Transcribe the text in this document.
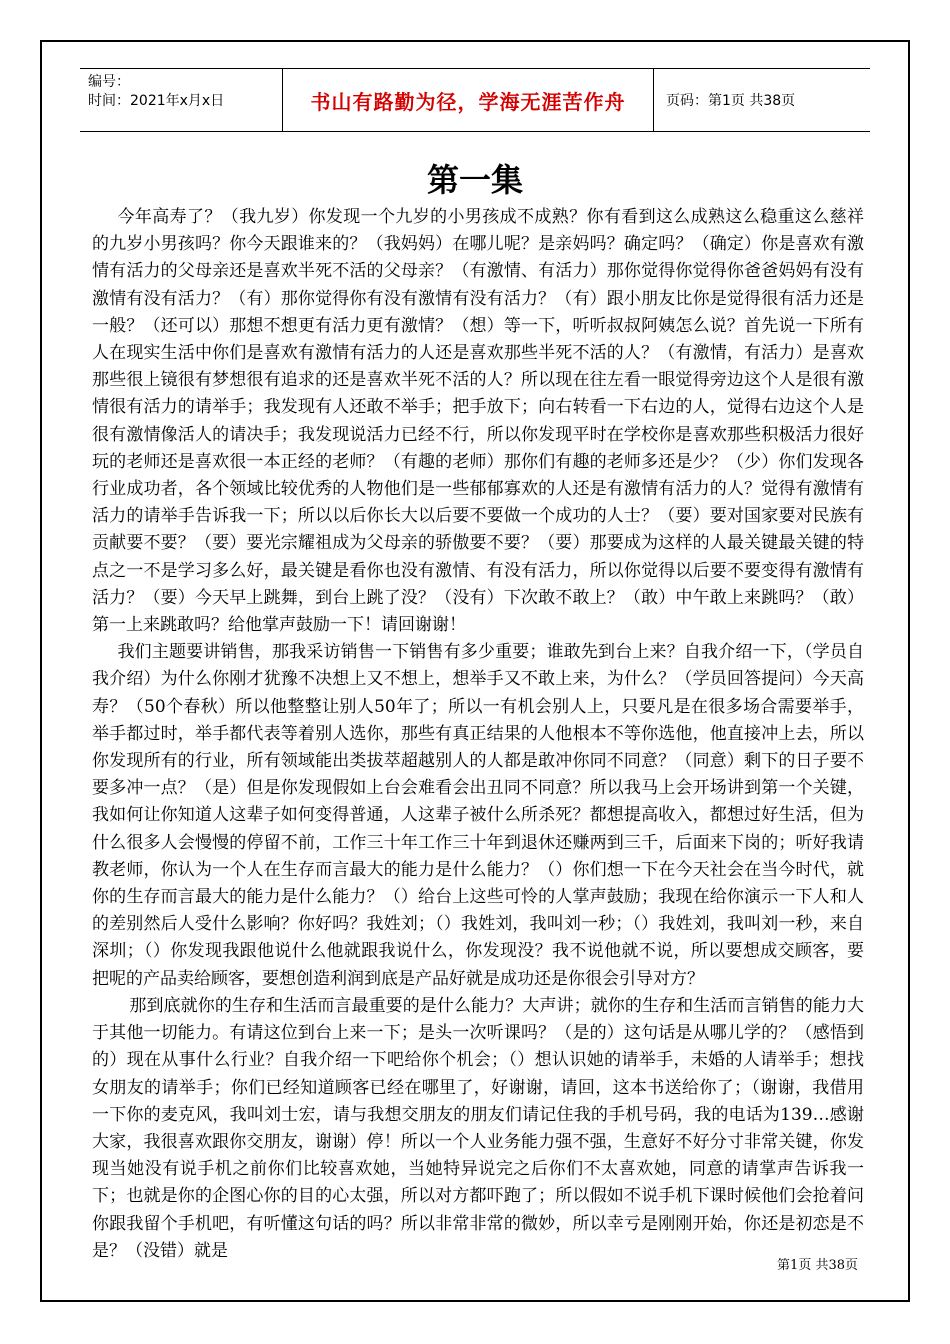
编号：
时间：2021年x月x日	书山有路勤为径，学海无涯苦作舟	页码：第1页 共38页
第一集

今年高寿了？（我九岁）你发现一个九岁的小男孩成不成熟？你有看到这么成熟这么稳重这么慈祥的九岁小男孩吗？你今天跟谁来的？（我妈妈）在哪儿呢？是亲妈吗？确定吗？（确定）你是喜欢有激情有活力的父母亲还是喜欢半死不活的父母亲？（有激情、有活力）那你觉得你觉得你爸爸妈妈有没有激情有没有活力？（有）那你觉得你有没有激情有没有活力？（有）跟小朋友比你是觉得很有活力还是一般？（还可以）那想不想更有活力更有激情？（想）等一下，听听叔叔阿姨怎么说？首先说一下所有人在现实生活中你们是喜欢有激情有活力的人还是喜欢那些半死不活的人？（有激情，有活力）是喜欢那些很上镜很有梦想很有追求的还是喜欢半死不活的人？所以现在往左看一眼觉得旁边这个人是很有激情很有活力的请举手；我发现有人还敢不举手；把手放下；向右转看一下右边的人，觉得右边这个人是很有激情像活人的请决手；我发现说活力已经不行，所以你发现平时在学校你是喜欢那些积极活力很好玩的老师还是喜欢很一本正经的老师？（有趣的老师）那你们有趣的老师多还是少？（少）你们发现各行业成功者，各个领域比较优秀的人物他们是一些郁郁寡欢的人还是有激情有活力的人？觉得有激情有活力的请举手告诉我一下；所以以后你长大以后要不要做一个成功的人士？（要）要对国家要对民族有贡献要不要？（要）要光宗耀祖成为父母亲的骄傲要不要？（要）那要成为这样的人最关键最关键的特点之一不是学习多么好，最关键是看你也没有激情、有没有活力，所以你觉得以后要不要变得有激情有活力？（要）今天早上跳舞，到台上跳了没？（没有）下次敢不敢上？（敢）中午敢上来跳吗？（敢）第一上来跳敢吗？给他掌声鼓励一下！请回谢谢！

我们主题要讲销售，那我采访销售一下销售有多少重要；谁敢先到台上来？自我介绍一下，（学员自我介绍）为什么你刚才犹豫不决想上又不想上，想举手又不敢上来，为什么？（学员回答提问）今天高寿？（50个春秋）所以他整整让别人50年了；所以一有机会别人上，只要凡是在很多场合需要举手，举手都过时，举手都代表等着别人选你，那些有真正结果的人他根本不等你选他，他直接冲上去，所以你发现所有的行业，所有领域能出类拔萃超越别人的人都是敢冲你同不同意？（同意）剩下的日子要不要多冲一点？（是）但是你发现假如上台会难看会出丑同不同意？所以我马上会开场讲到第一个关键，我如何让你知道人这辈子如何变得普通，人这辈子被什么所杀死？都想提高收入，都想过好生活，但为什么很多人会慢慢的停留不前，工作三十年工作三十年到退休还赚两到三千，后面来下岗的；听好我请教老师，你认为一个人在生存而言最大的能力是什么能力？（）你们想一下在今天社会在当今时代，就你的生存而言最大的能力是什么能力？（）给台上这些可怜的人掌声鼓励；我现在给你演示一下人和人的差别然后人受什么影响？你好吗？我姓刘；（）我姓刘，我叫刘一秒；（）我姓刘，我叫刘一秒，来自深圳；（）你发现我跟他说什么他就跟我说什么，你发现没？我不说他就不说，所以要想成交顾客，要把呢的产品卖给顾客，要想创造利润到底是产品好就是成功还是你很会引导对方？

那到底就你的生存和生活而言最重要的是什么能力？大声讲；就你的生存和生活而言销售的能力大于其他一切能力。有请这位到台上来一下；是头一次听课吗？（是的）这句话是从哪儿学的？（感悟到的）现在从事什么行业？自我介绍一下吧给你个机会；（）想认识她的请举手，未婚的人请举手；想找女朋友的请举手；你们已经知道顾客已经在哪里了，好谢谢，请回，这本书送给你了；（谢谢，我借用一下你的麦克风，我叫刘士宏，请与我想交朋友的朋友们请记住我的手机号码，我的电话为139…感谢大家，我很喜欢跟你交朋友，谢谢）停！所以一个人业务能力强不强，生意好不好分寸非常关键，你发现当她没有说手机之前你们比较喜欢她，当她特异说完之后你们不太喜欢她，同意的请掌声告诉我一下；也就是你的企图心你的目的心太强，所以对方都吓跑了；所以假如不说手机下课时候他们会抢着问你跟我留个手机吧，有听懂这句话的吗？所以非常非常的微妙，所以幸亏是刚刚开始，你还是初恋是不是？（没错）就是

第1页 共38页
